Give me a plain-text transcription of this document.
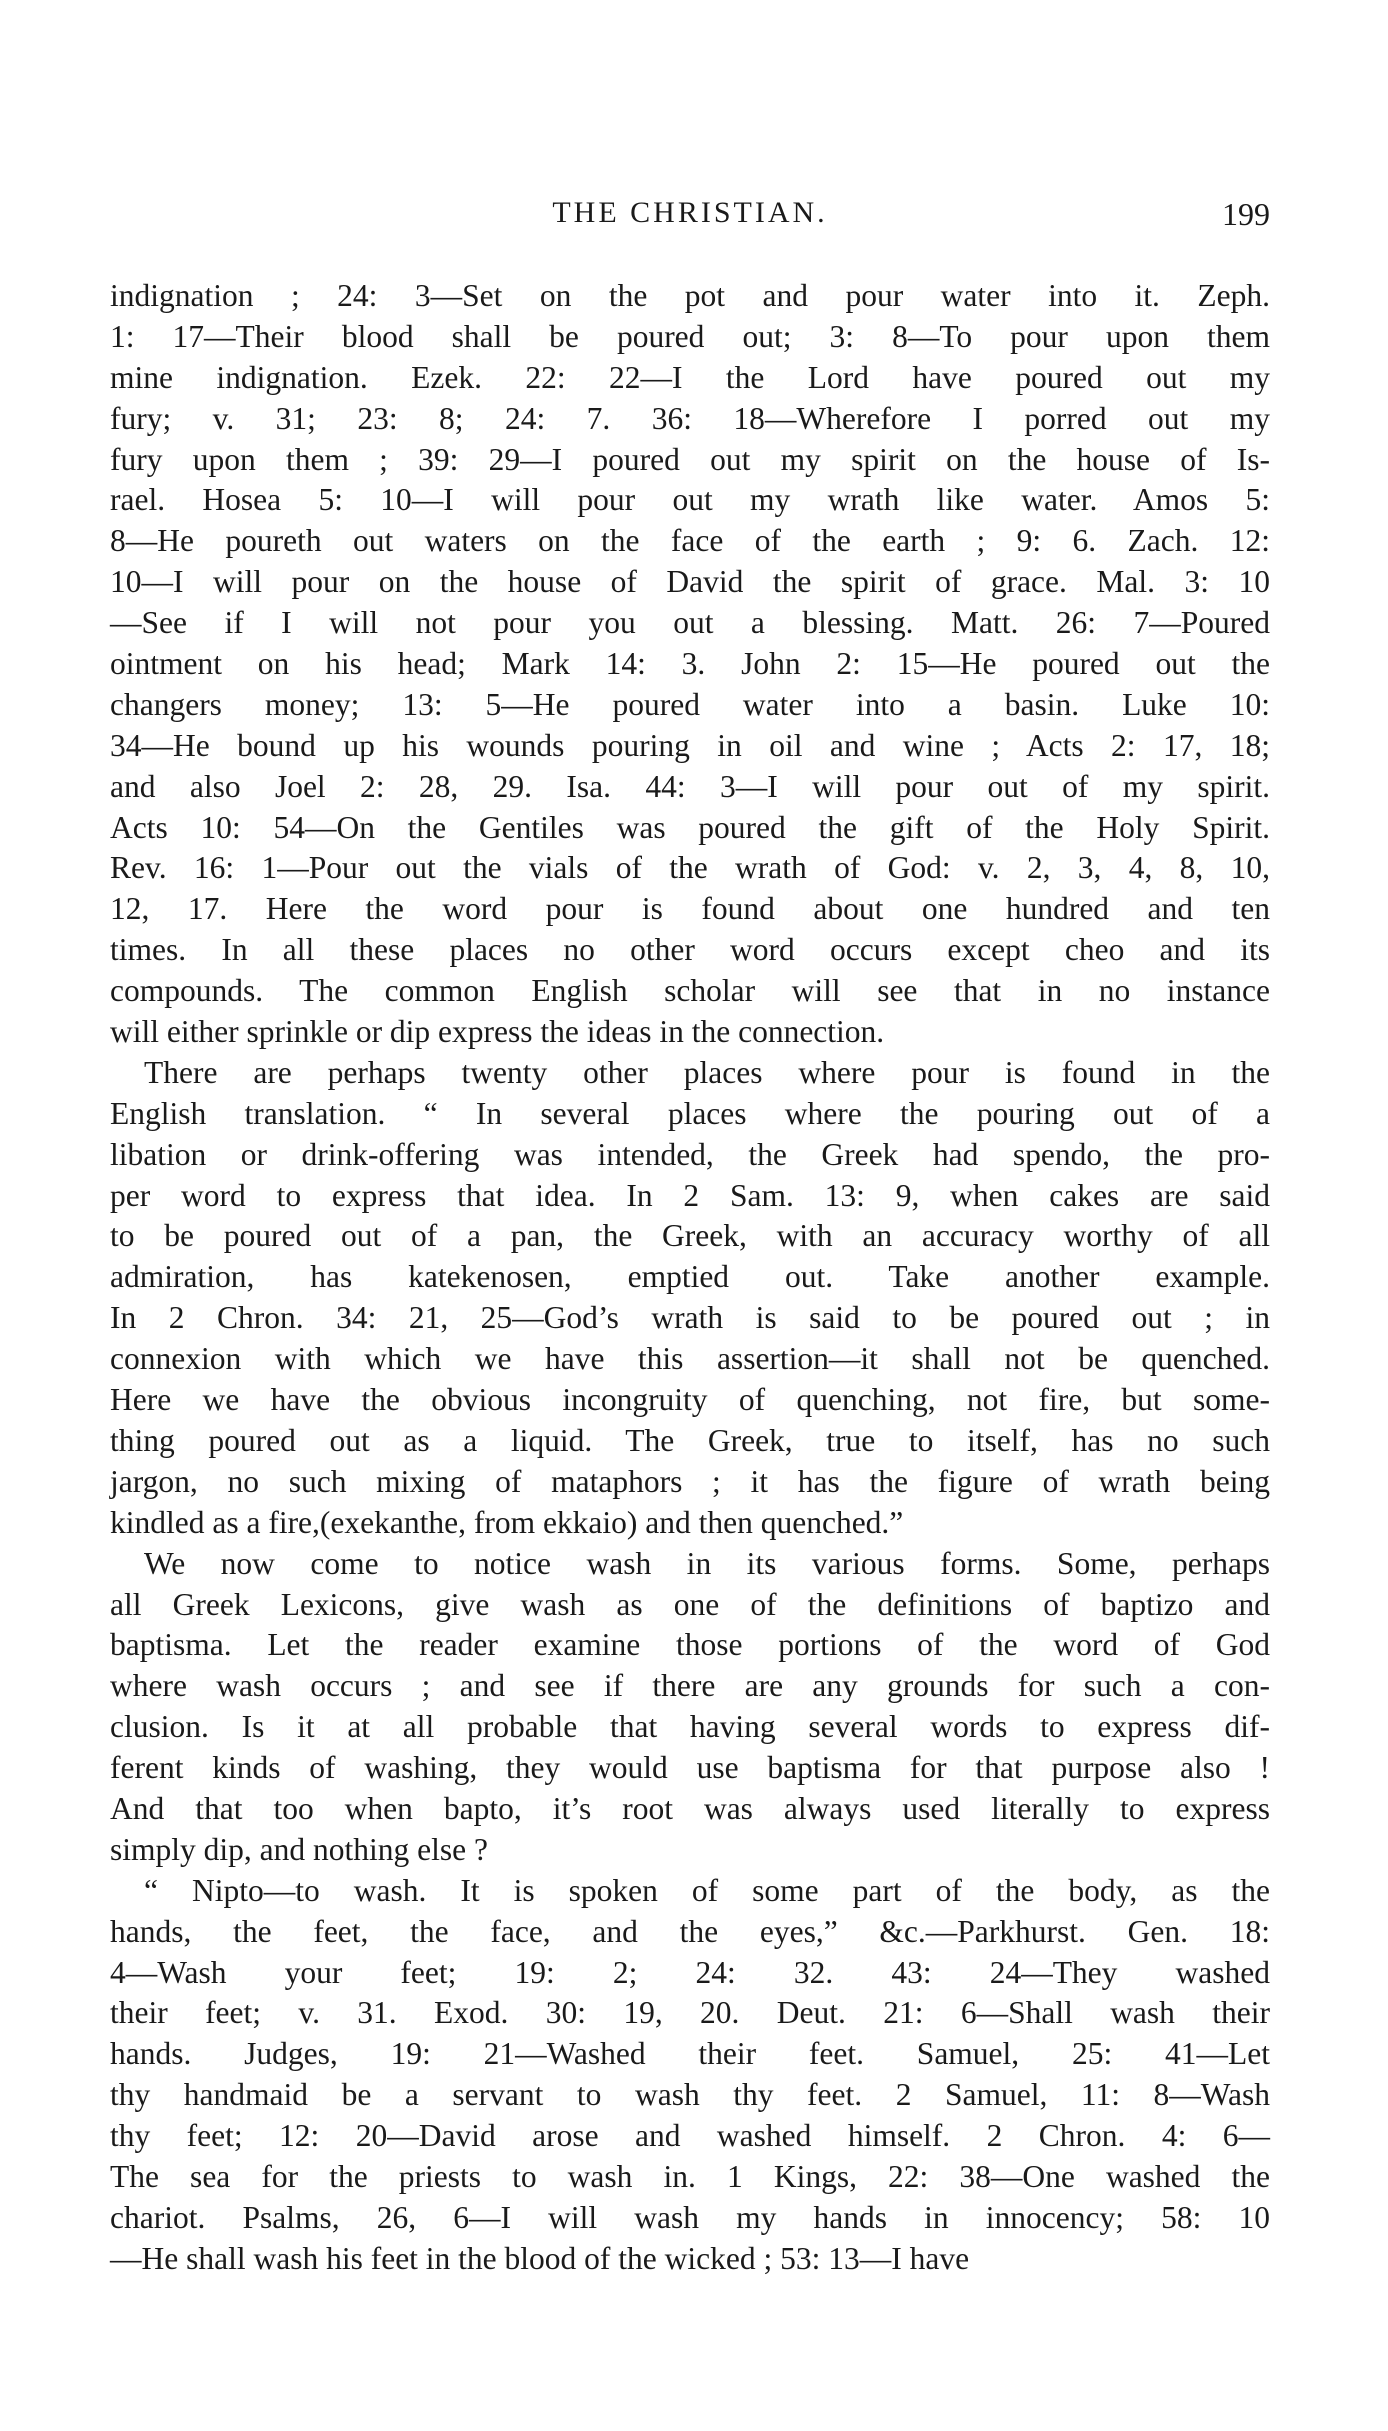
THE CHRISTIAN.	199
indignation ; 24: 3—Set on the pot and pour water into it. Zeph.
1: 17—Their blood shall be poured out; 3: 8—To pour upon them
mine indignation. Ezek. 22: 22—I the Lord have poured out my
fury; v. 31; 23: 8; 24: 7. 36: 18—Wherefore I porred out my
fury upon them ; 39: 29—I poured out my spirit on the house of Is-
rael. Hosea 5: 10—I will pour out my wrath like water. Amos 5:
8—He poureth out waters on the face of the earth ; 9: 6. Zach. 12:
10—I will pour on the house of David the spirit of grace. Mal. 3: 10
—See if I will not pour you out a blessing. Matt. 26: 7—Poured
ointment on his head; Mark 14: 3. John 2: 15—He poured out the
changers money; 13: 5—He poured water into a basin. Luke 10:
34—He bound up his wounds pouring in oil and wine ; Acts 2: 17, 18;
and also Joel 2: 28, 29. Isa. 44: 3—I will pour out of my spirit.
Acts 10: 54—On the Gentiles was poured the gift of the Holy Spirit.
Rev. 16: 1—Pour out the vials of the wrath of God: v. 2, 3, 4, 8, 10,
12, 17. Here the word pour is found about one hundred and ten
times. In all these places no other word occurs except cheo and its
compounds. The common English scholar will see that in no instance
will either sprinkle or dip express the ideas in the connection.
There are perhaps twenty other places where pour is found in the
English translation. “ In several places where the pouring out of a
libation or drink-offering was intended, the Greek had spendo, the pro-
per word to express that idea. In 2 Sam. 13: 9, when cakes are said
to be poured out of a pan, the Greek, with an accuracy worthy of all
admiration, has katekenosen, emptied out. Take another example.
In 2 Chron. 34: 21, 25—God’s wrath is said to be poured out ; in
connexion with which we have this assertion—it shall not be quenched.
Here we have the obvious incongruity of quenching, not fire, but some-
thing poured out as a liquid. The Greek, true to itself, has no such
jargon, no such mixing of mataphors ; it has the figure of wrath being
kindled as a fire,(exekanthe, from ekkaio) and then quenched.”
We now come to notice wash in its various forms. Some, perhaps
all Greek Lexicons, give wash as one of the definitions of baptizo and
baptisma. Let the reader examine those portions of the word of God
where wash occurs ; and see if there are any grounds for such a con-
clusion. Is it at all probable that having several words to express dif-
ferent kinds of washing, they would use baptisma for that purpose also !
And that too when bapto, it’s root was always used literally to express
simply dip, and nothing else ?
“ Nipto—to wash. It is spoken of some part of the body, as the
hands, the feet, the face, and the eyes,” &c.—Parkhurst. Gen. 18:
4—Wash your feet; 19: 2; 24: 32. 43: 24—They washed
their feet; v. 31. Exod. 30: 19, 20. Deut. 21: 6—Shall wash their
hands. Judges, 19: 21—Washed their feet. Samuel, 25: 41—Let
thy handmaid be a servant to wash thy feet. 2 Samuel, 11: 8—Wash
thy feet; 12: 20—David arose and washed himself. 2 Chron. 4: 6—
The sea for the priests to wash in. 1 Kings, 22: 38—One washed the
chariot. Psalms, 26, 6—I will wash my hands in innocency; 58: 10
—He shall wash his feet in the blood of the wicked ; 53: 13—I have
